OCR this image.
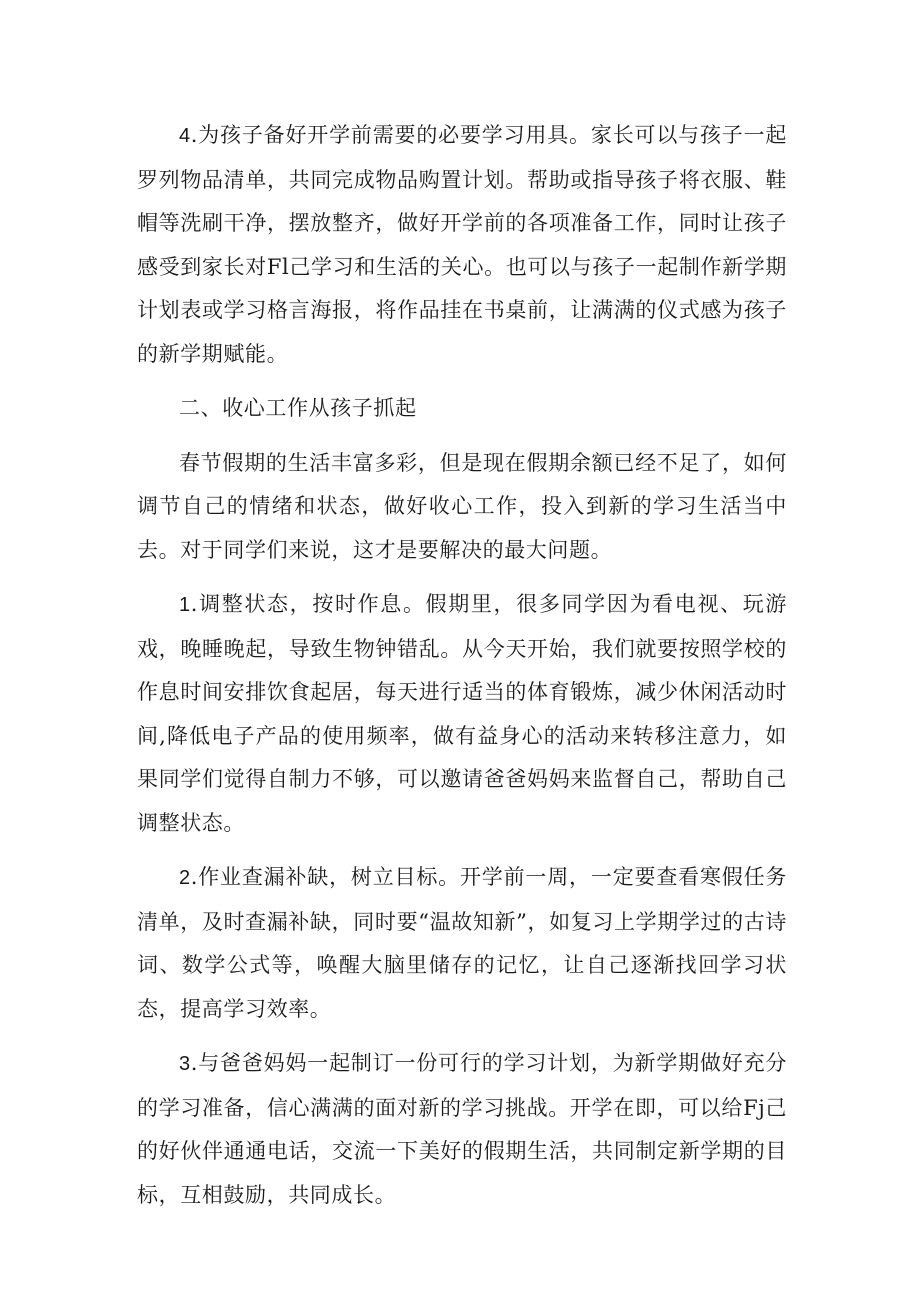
4.为孩子备好开学前需要的必要学习用具。家长可以与孩子一起罗列物品清单，共同完成物品购置计划。帮助或指导孩子将衣服、鞋帽等洗刷干净，摆放整齐，做好开学前的各项准备工作，同时让孩子感受到家长对Fl己学习和生活的关心。也可以与孩子一起制作新学期计划表或学习格言海报，将作品挂在书桌前，让满满的仪式感为孩子的新学期赋能。

二、收心工作从孩子抓起

春节假期的生活丰富多彩，但是现在假期余额已经不足了，如何调节自己的情绪和状态，做好收心工作，投入到新的学习生活当中去。对于同学们来说，这才是要解决的最大问题。

1.调整状态，按时作息。假期里，很多同学因为看电视、玩游戏，晚睡晚起，导致生物钟错乱。从今天开始，我们就要按照学校的作息时间安排饮食起居，每天进行适当的体育锻炼，减少休闲活动时间,降低电子产品的使用频率，做有益身心的活动来转移注意力，如果同学们觉得自制力不够，可以邀请爸爸妈妈来监督自己，帮助自己调整状态。

2.作业查漏补缺，树立目标。开学前一周，一定要查看寒假任务清单，及时查漏补缺，同时要“温故知新”，如复习上学期学过的古诗词、数学公式等，唤醒大脑里储存的记忆，让自己逐渐找回学习状态，提高学习效率。

3.与爸爸妈妈一起制订一份可行的学习计划，为新学期做好充分的学习准备，信心满满的面对新的学习挑战。开学在即，可以给Fj己的好伙伴通通电话，交流一下美好的假期生活，共同制定新学期的目标，互相鼓励，共同成长。
